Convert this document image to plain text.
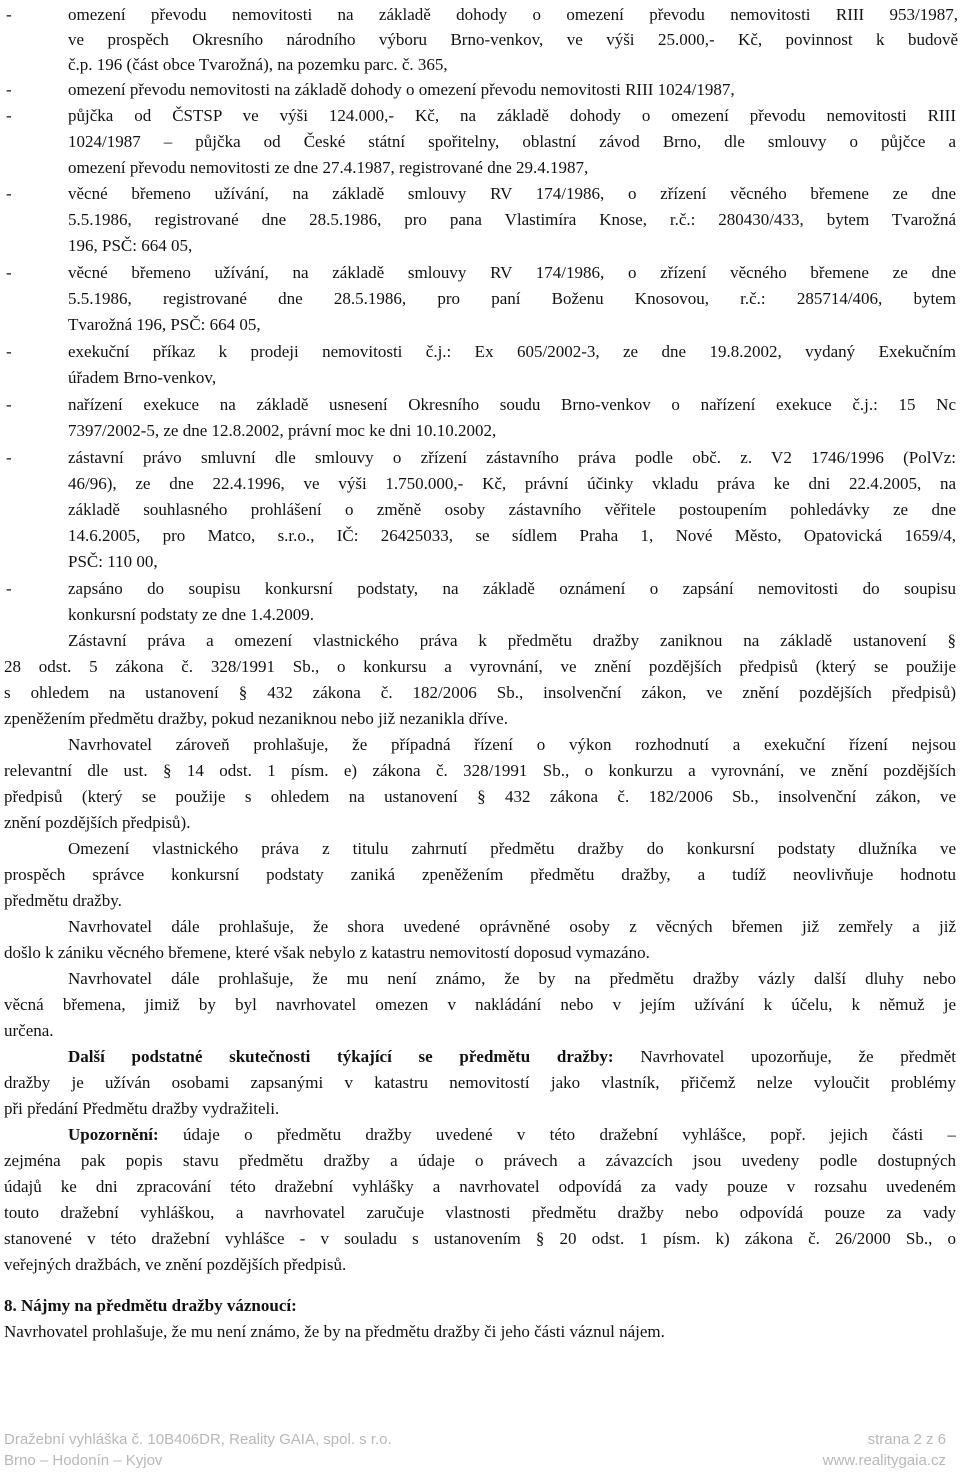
-	omezení převodu nemovitosti na základě dohody o omezení převodu nemovitosti RIII 953/1987,
ve prospěch Okresního národního výboru Brno-venkov, ve výši 25.000,- Kč, povinnost k budově
č.p. 196 (část obce Tvarožná), na pozemku parc. č. 365,
-	omezení převodu nemovitosti na základě dohody o omezení převodu nemovitosti RIII 1024/1987,
-	půjčka od ČSTSP ve výši 124.000,- Kč, na základě dohody o omezení převodu nemovitosti RIII
1024/1987 – půjčka od České státní spořitelny, oblastní závod Brno, dle smlouvy o půjčce a
omezení převodu nemovitosti ze dne 27.4.1987, registrované dne 29.4.1987,
-	věcné břemeno užívání, na základě smlouvy RV 174/1986, o zřízení věcného břemene ze dne
5.5.1986, registrované dne 28.5.1986, pro pana Vlastimíra Knose, r.č.: 280430/433, bytem Tvarožná
196, PSČ: 664 05,
-	věcné břemeno užívání, na základě smlouvy RV 174/1986, o zřízení věcného břemene ze dne
5.5.1986, registrované dne 28.5.1986, pro paní Boženu Knosovou, r.č.: 285714/406, bytem
Tvarožná 196, PSČ: 664 05,
-	exekuční příkaz k prodeji nemovitosti č.j.: Ex 605/2002-3, ze dne 19.8.2002, vydaný Exekučním
úřadem Brno-venkov,
-	nařízení exekuce na základě usnesení Okresního soudu Brno-venkov o nařízení exekuce č.j.: 15 Nc
7397/2002-5, ze dne 12.8.2002, právní moc ke dni 10.10.2002,
-	zástavní právo smluvní dle smlouvy o zřízení zástavního práva podle obč. z. V2 1746/1996 (PolVz:
46/96), ze dne 22.4.1996, ve výši 1.750.000,- Kč, právní účinky vkladu práva ke dni 22.4.2005, na
základě souhlasného prohlášení o změně osoby zástavního věřitele postoupením pohledávky ze dne
14.6.2005, pro Matco, s.r.o., IČ: 26425033, se sídlem Praha 1, Nové Město, Opatovická 1659/4,
PSČ: 110 00,
-	zapsáno do soupisu konkursní podstaty, na základě oznámení o zapsání nemovitosti do soupisu
konkursní podstaty ze dne 1.4.2009.
Zástavní práva a omezení vlastnického práva k předmětu dražby zaniknou na základě ustanovení §
28 odst. 5 zákona č. 328/1991 Sb., o konkursu a vyrovnání, ve znění pozdějších předpisů (který se použije
s ohledem na ustanovení § 432 zákona č. 182/2006 Sb., insolvenční zákon, ve znění pozdějších předpisů)
zpeněžením předmětu dražby, pokud nezaniknou nebo již nezanikla dříve.
Navrhovatel zároveň prohlašuje, že případná řízení o výkon rozhodnutí a exekuční řízení nejsou
relevantní dle ust. § 14 odst. 1 písm. e) zákona č. 328/1991 Sb., o konkurzu a vyrovnání, ve znění pozdějších
předpisů (který se použije s ohledem na ustanovení § 432 zákona č. 182/2006 Sb., insolvenční zákon, ve
znění pozdějších předpisů).
Omezení vlastnického práva z titulu zahrnutí předmětu dražby do konkursní podstaty dlužníka ve
prospěch správce konkursní podstaty zaniká zpeněžením předmětu dražby, a tudíž neovlivňuje hodnotu
předmětu dražby.
Navrhovatel dále prohlašuje, že shora uvedené oprávněné osoby z věcných břemen již zemřely a již
došlo k zániku věcného břemene, které však nebylo z katastru nemovitostí doposud vymazáno.
Navrhovatel dále prohlašuje, že mu není známo, že by na předmětu dražby vázly další dluhy nebo
věcná břemena, jimiž by byl navrhovatel omezen v nakládání nebo v jejím užívání k účelu, k němuž je
určena.
Další podstatné skutečnosti týkající se předmětu dražby: Navrhovatel upozorňuje, že předmět
dražby je užíván osobami zapsanými v katastru nemovitostí jako vlastník, přičemž nelze vyloučit problémy
při předání Předmětu dražby vydražiteli.
Upozornění: údaje o předmětu dražby uvedené v této dražební vyhlášce, popř. jejich části –
zejména pak popis stavu předmětu dražby a údaje o právech a závazcích jsou uvedeny podle dostupných
údajů ke dni zpracování této dražební vyhlášky a navrhovatel odpovídá za vady pouze v rozsahu uvedeném
touto dražební vyhláškou, a navrhovatel zaručuje vlastnosti předmětu dražby nebo odpovídá pouze za vady
stanovené v této dražební vyhlášce - v souladu s ustanovením § 20 odst. 1 písm. k) zákona č. 26/2000 Sb., o
veřejných dražbách, ve znění pozdějších předpisů.
8. Nájmy na předmětu dražby váznoucí:
Navrhovatel prohlašuje, že mu není známo, že by na předmětu dražby či jeho části váznul nájem.
Dražební vyhláška č. 10B406DR, Reality GAIA, spol. s r.o.
Brno – Hodonín – Kyjov
strana 2 z 6
www.realitygaia.cz
